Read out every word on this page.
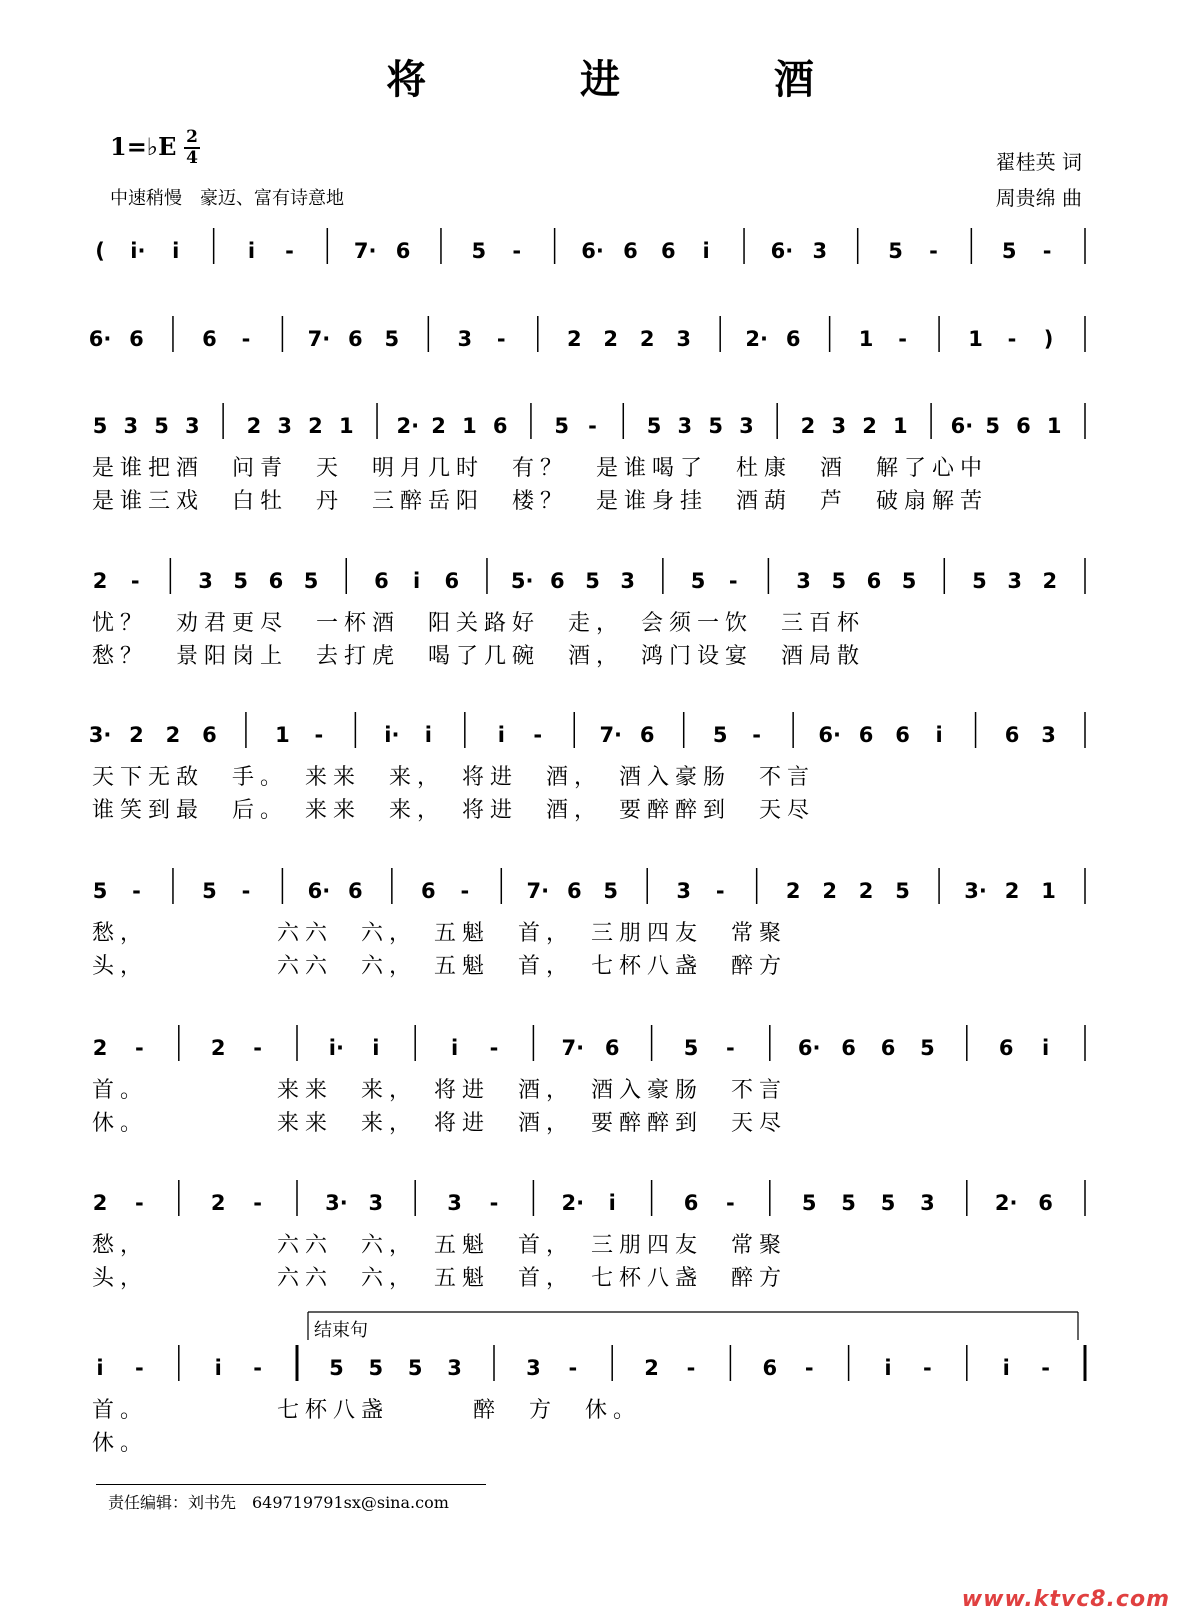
将 进 酒
1=♭E 2
4
中速稍慢　豪迈、富有诗意地
翟桂英 词
周贵绵 曲
( i· i	i -	7· 6	5 -	6· 6 6 i	6· 3	5 -	5 -
6· 6	6 -	7· 6 5	3 -	2 2 2 3	2· 6	1 -	1 - )
5 3 5 3 2 3 2 1 2· 2 1 6 5 - 5 3 5 3 2 3 2 1 6· 5 6 1
是谁把酒　问青　天　明月几时　有？　是谁喝了　杜康　酒　解了心中
是谁三戏　白牡　丹　三醉岳阳　楼？　是谁身挂　酒葫　芦　破扇解苦
2 -	3 5 6 5	6 i 6 5· 6 5 3	5 -	3 5 6 5	5 3 2
忧？　劝君更尽　一杯酒　阳关路好　走，　会须一饮　三百杯
愁？　景阳岗上　去打虎　喝了几碗　酒，　鸿门设宴　酒局散
3· 2 2 6	1 -	i· i	i -	7· 6	5 -	6· 6 6 i	6 3
天下无敌　手。　来来　来，　将进　酒，　酒入豪肠　不言
谁笑到最　后。　来来　来，　将进　酒，　要醉醉到　天尽
5 -	5 -	6· 6	6 -	7· 6 5	3 -	2 2 2 5	3· 2 1
愁，　　　　　六六　六，　五魁　首，　三朋四友　常聚
头，　　　　　六六　六，　五魁　首，　七杯八盏　醉方
2 -	2 -	i· i	i -	7· 6	5 -	6· 6 6 5	6 i
首。　　　　　来来　来，　将进　酒，　酒入豪肠　不言
休。　　　　　来来　来，　将进　酒，　要醉醉到　天尽
2 -	2 -	3· 3	3 -	2· i	6 -	5 5 5 3	2· 6
愁，　　　　　六六　六，　五魁　首，　三朋四友　常聚
头，　　　　　六六　六，　五魁　首，　七杯八盏　醉方
i -	i -	5 5 5 3	3 -	2 -	6 -	i -	i -
首。　　　　　七杯八盏　　　醉　方　休。
休。
结束句
责任编辑：刘书先　649719791sx@sina.com
www.ktvc8.com
